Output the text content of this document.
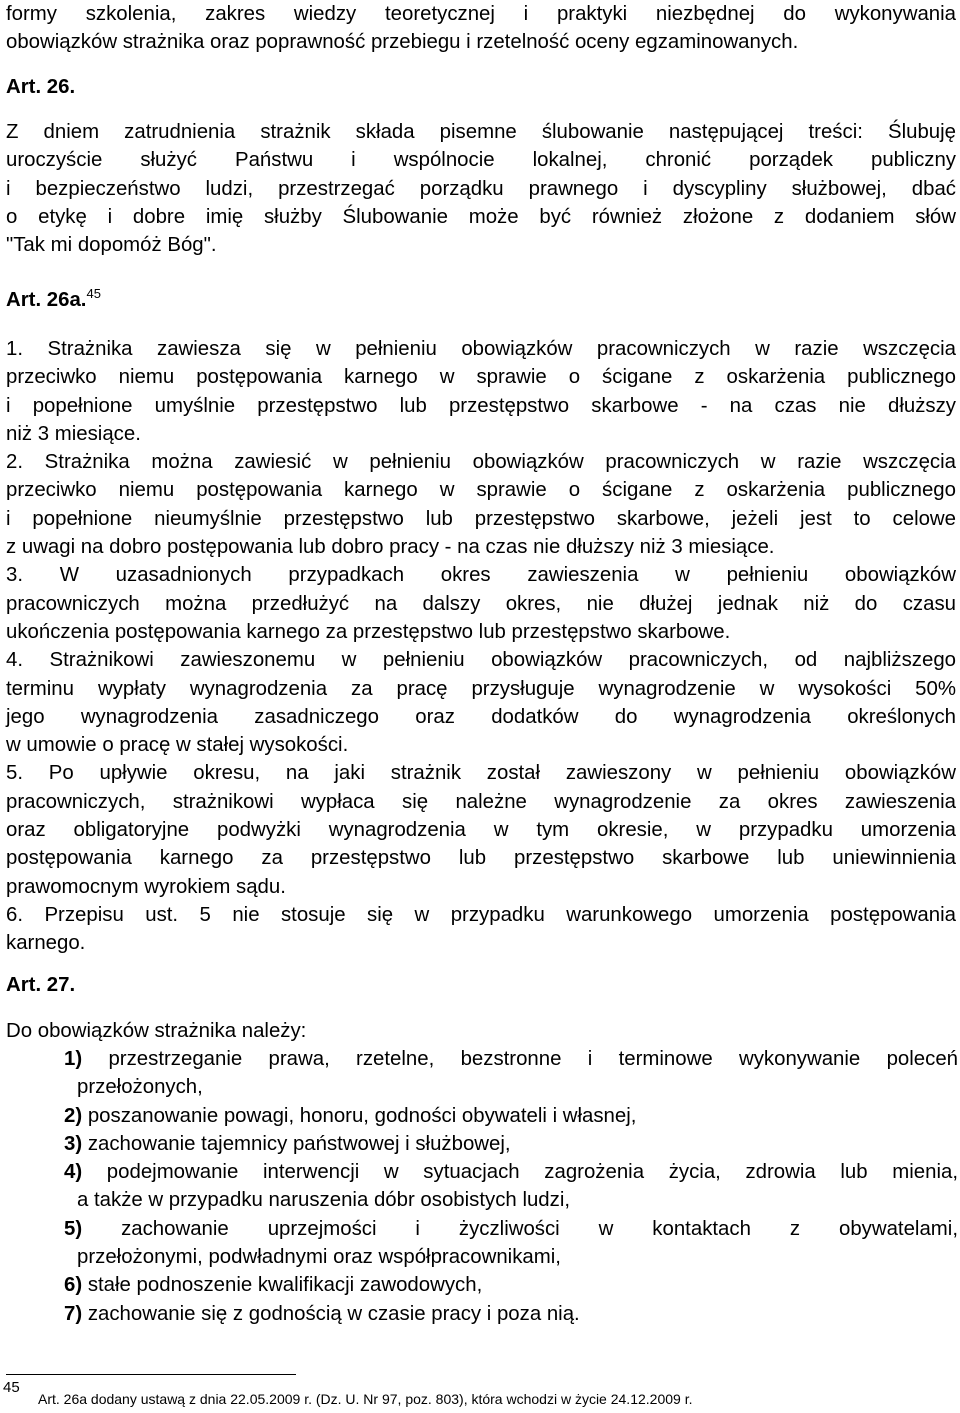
formy szkolenia, zakres wiedzy teoretycznej i praktyki niezbędnej do wykonywania
obowiązków strażnika oraz poprawność przebiegu i rzetelność oceny egzaminowanych.

Art. 26.

Z dniem zatrudnienia strażnik składa pisemne ślubowanie następującej treści: Ślubuję
uroczyście służyć Państwu i wspólnocie lokalnej, chronić porządek publiczny
i bezpieczeństwo ludzi, przestrzegać porządku prawnego i dyscypliny służbowej, dbać
o etykę i dobre imię służby Ślubowanie może być również złożone z dodaniem słów
"Tak mi dopomóż Bóg".

Art. 26a.$^{45}$

1. Strażnika zawiesza się w pełnieniu obowiązków pracowniczych w razie wszczęcia
przeciwko niemu postępowania karnego w sprawie o ścigane z oskarżenia publicznego
i popełnione umyślnie przestępstwo lub przestępstwo skarbowe - na czas nie dłuższy
niż 3 miesiące.
2. Strażnika można zawiesić w pełnieniu obowiązków pracowniczych w razie wszczęcia
przeciwko niemu postępowania karnego w sprawie o ścigane z oskarżenia publicznego
i popełnione nieumyślnie przestępstwo lub przestępstwo skarbowe, jeżeli jest to celowe
z uwagi na dobro postępowania lub dobro pracy - na czas nie dłuższy niż 3 miesiące.
3. W uzasadnionych przypadkach okres zawieszenia w pełnieniu obowiązków
pracowniczych można przedłużyć na dalszy okres, nie dłużej jednak niż do czasu
ukończenia postępowania karnego za przestępstwo lub przestępstwo skarbowe.
4. Strażnikowi zawieszonemu w pełnieniu obowiązków pracowniczych, od najbliższego
terminu wypłaty wynagrodzenia za pracę przysługuje wynagrodzenie w wysokości 50%
jego wynagrodzenia zasadniczego oraz dodatków do wynagrodzenia określonych
w umowie o pracę w stałej wysokości.
5. Po upływie okresu, na jaki strażnik został zawieszony w pełnieniu obowiązków
pracowniczych, strażnikowi wypłaca się należne wynagrodzenie za okres zawieszenia
oraz obligatoryjne podwyżki wynagrodzenia w tym okresie, w przypadku umorzenia
postępowania karnego za przestępstwo lub przestępstwo skarbowe lub uniewinnienia
prawomocnym wyrokiem sądu.
6. Przepisu ust. 5 nie stosuje się w przypadku warunkowego umorzenia postępowania
karnego.

Art. 27.

Do obowiązków strażnika należy:

1) przestrzeganie prawa, rzetelne, bezstronne i terminowe wykonywanie poleceń
przełożonych,
2) poszanowanie powagi, honoru, godności obywateli i własnej,
3) zachowanie tajemnicy państwowej i służbowej,
4) podejmowanie interwencji w sytuacjach zagrożenia życia, zdrowia lub mienia,
a także w przypadku naruszenia dóbr osobistych ludzi,
5) zachowanie uprzejmości i życzliwości w kontaktach z obywatelami,
przełożonymi, podwładnymi oraz współpracownikami,
6) stałe podnoszenie kwalifikacji zawodowych,
7) zachowanie się z godnością w czasie pracy i poza nią.
45
Art. 26a dodany ustawą z dnia 22.05.2009 r. (Dz. U. Nr 97, poz. 803), która wchodzi w życie 24.12.2009 r.
